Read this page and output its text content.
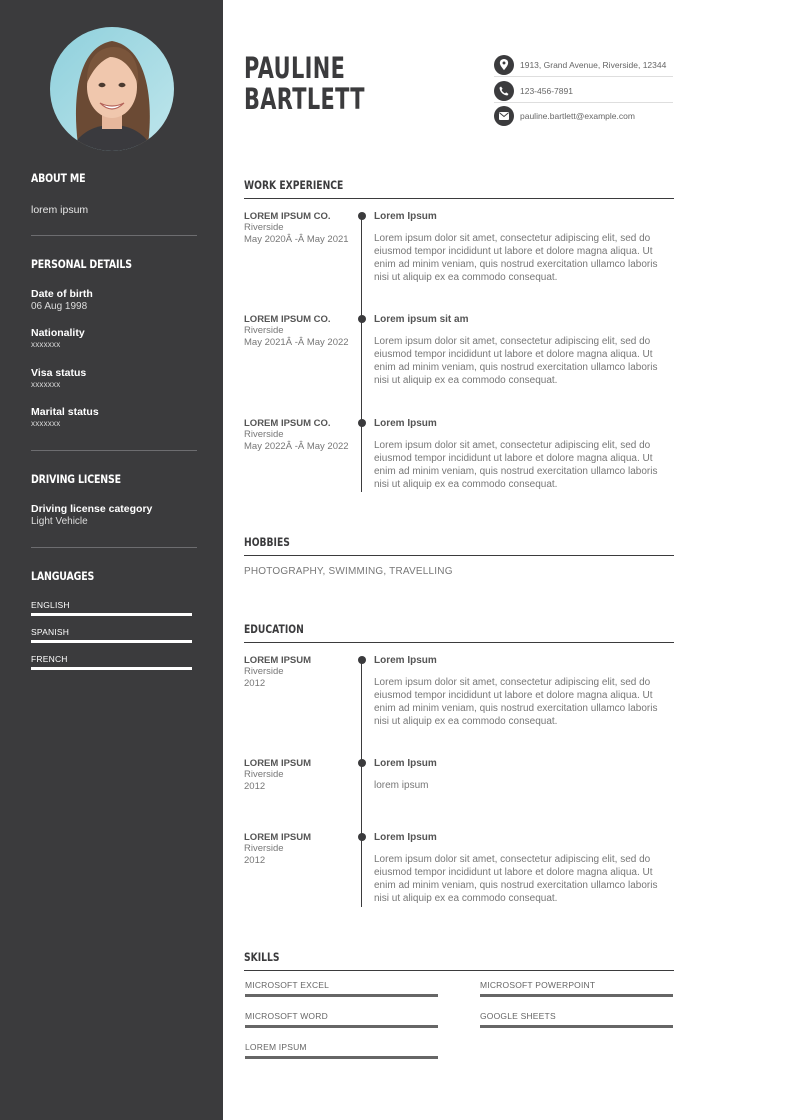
ABOUT ME
lorem ipsum
PERSONAL DETAILS
Date of birth
06 Aug 1998
Nationality
xxxxxxx
Visa status
xxxxxxx
Marital status
xxxxxxx
DRIVING LICENSE
Driving license category
Light Vehicle
LANGUAGES
ENGLISH
SPANISH
FRENCH
PAULINE
BARTLETT
1913, Grand Avenue, Riverside, 12344
123-456-7891
pauline.bartlett@example.com
WORK EXPERIENCE
LOREM IPSUM CO.
Riverside
May 2020Â -Â May 2021
Lorem Ipsum
Lorem ipsum dolor sit amet, consectetur adipiscing elit, sed do eiusmod tempor incididunt ut labore et dolore magna aliqua. Ut enim ad minim veniam, quis nostrud exercitation ullamco laboris nisi ut aliquip ex ea commodo consequat.
LOREM IPSUM CO.
Riverside
May 2021Â -Â May 2022
Lorem ipsum sit am
Lorem ipsum dolor sit amet, consectetur adipiscing elit, sed do eiusmod tempor incididunt ut labore et dolore magna aliqua. Ut enim ad minim veniam, quis nostrud exercitation ullamco laboris nisi ut aliquip ex ea commodo consequat.
LOREM IPSUM CO.
Riverside
May 2022Â -Â May 2022
Lorem Ipsum
Lorem ipsum dolor sit amet, consectetur adipiscing elit, sed do eiusmod tempor incididunt ut labore et dolore magna aliqua. Ut enim ad minim veniam, quis nostrud exercitation ullamco laboris nisi ut aliquip ex ea commodo consequat.
HOBBIES
PHOTOGRAPHY, SWIMMING, TRAVELLING
EDUCATION
LOREM IPSUM
Riverside
2012
Lorem Ipsum
Lorem ipsum dolor sit amet, consectetur adipiscing elit, sed do eiusmod tempor incididunt ut labore et dolore magna aliqua. Ut enim ad minim veniam, quis nostrud exercitation ullamco laboris nisi ut aliquip ex ea commodo consequat.
LOREM IPSUM
Riverside
2012
Lorem Ipsum
lorem ipsum
LOREM IPSUM
Riverside
2012
Lorem Ipsum
Lorem ipsum dolor sit amet, consectetur adipiscing elit, sed do eiusmod tempor incididunt ut labore et dolore magna aliqua. Ut enim ad minim veniam, quis nostrud exercitation ullamco laboris nisi ut aliquip ex ea commodo consequat.
SKILLS
MICROSOFT EXCEL	MICROSOFT POWERPOINT
MICROSOFT WORD	GOOGLE SHEETS
LOREM IPSUM
